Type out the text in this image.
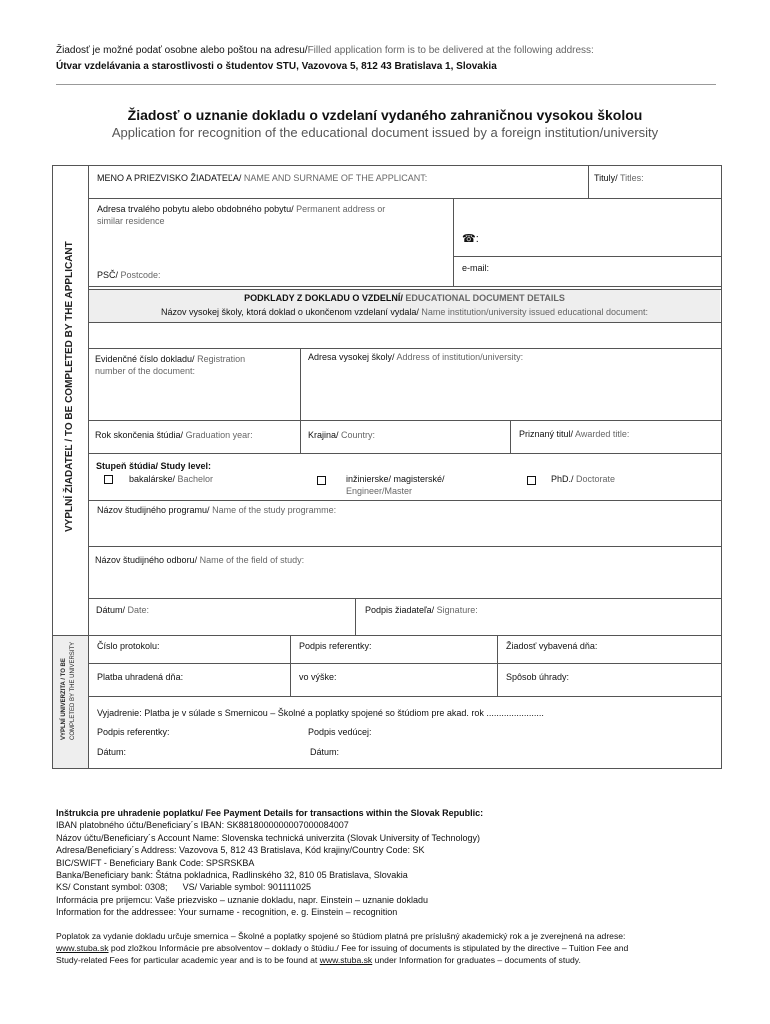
Žiadosť je možné podať osobne alebo poštou na adresu/Filled application form is to be delivered at the following address:
Útvar vzdelávania a starostlivosti o študentov STU, Vazovova 5, 812 43 Bratislava 1, Slovakia
Žiadosť o uznanie dokladu o vzdelaní vydaného zahraničnou vysokou školou
Application for recognition of the educational document issued by a foreign institution/university
VYPLNÍ ŽIADATEĽ / TO BE COMPLETED BY THE APPLICANT
VYPLNÍ UNIVERZITA / TO BE COMPLETED BY THE UNIVERSITY
MENO A PRIEZVISKO ŽIADATEĽA/ NAME AND SURNAME OF THE APPLICANT:	Tituly/ Titles:
Adresa trvalého pobytu alebo obdobného pobytu/ Permanent address or
similar residence
☎:
e-mail:
PSČ/ Postcode:
PODKLADY Z DOKLADU O VZDELNÍ/ EDUCATIONAL DOCUMENT DETAILS
Názov vysokej školy, ktorá doklad o ukončenom vzdelaní vydala/ Name institution/university issued educational document:
Evidenčné číslo dokladu/ Registration
number of the document:
Adresa vysokej školy/ Address of institution/university:
Rok skončenia štúdia/ Graduation year:	Krajina/ Country:	Priznaný titul/ Awarded title:
Stupeň štúdia/ Study level:
bakalárske/ Bachelor	inžinierske/ magisterské/
Engineer/Master
PhD./ Doctorate
Názov študijného programu/ Name of the study programme:
Názov študijného odboru/ Name of the field of study:
Dátum/ Date:	Podpis žiadateľa/ Signature:
Číslo protokolu:	Podpis referentky:	Žiadosť vybavená dňa:
Platba uhradená dňa:	vo výške:	Spôsob úhrady:
Vyjadrenie: Platba je v súlade s Smernicou – Školné a poplatky spojené so štúdiom pre akad. rok .......................
Podpis referentky:	Podpis vedúcej:
Dátum:	Dátum:
Inštrukcia pre uhradenie poplatku/ Fee Payment Details for transactions within the Slovak Republic:
IBAN platobného účtu/Beneficiary´s IBAN: SK8818000000007000084007
Názov účtu/Beneficiary´s Account Name: Slovenska technická univerzita (Slovak University of Technology)
Adresa/Beneficiary´s Address: Vazovova 5, 812 43 Bratislava, Kód krajiny/Country Code: SK
BIC/SWIFT - Beneficiary Bank Code: SPSRSKBA
Banka/Beneficiary bank: Štátna pokladnica, Radlinského 32, 810 05 Bratislava, Slovakia
KS/ Constant symbol: 0308;      VS/ Variable symbol: 901111025
Informácia pre prijemcu: Vaše priezvisko – uznanie dokladu, napr. Einstein – uznanie dokladu
Information for the addressee: Your surname - recognition, e. g. Einstein – recognition
Poplatok za vydanie dokladu určuje smernica – Školné a poplatky spojené so štúdiom platná pre príslušný akademický rok a je zverejnená na adrese:
www.stuba.sk pod zložkou Informácie pre absolventov – doklady o štúdiu./ Fee for issuing of documents is stipulated by the directive – Tuition Fee and
Study-related Fees for particular academic year and is to be found at www.stuba.sk under Information for graduates – documents of study.
